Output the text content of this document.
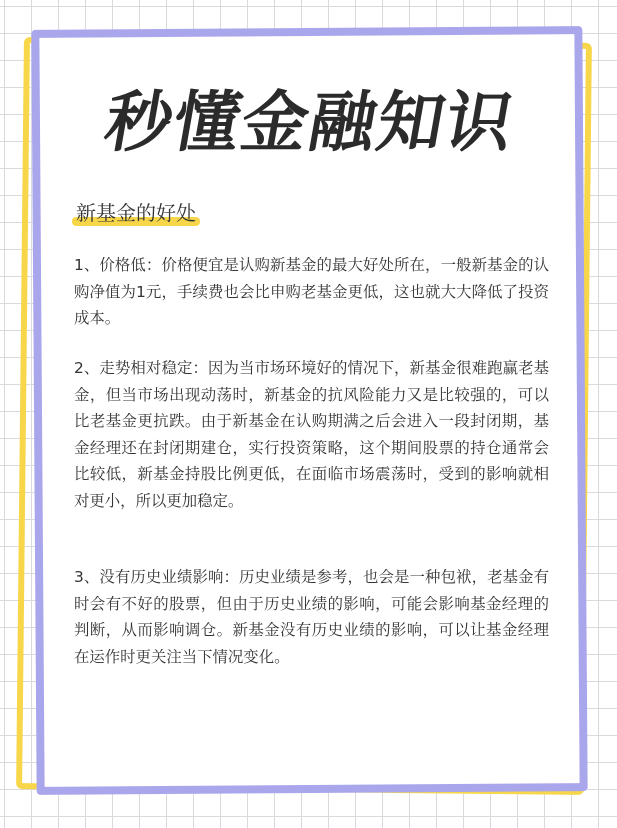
秒懂金融知识
新基金的好处

1、价格低：价格便宜是认购新基金的最大好处所在，一般新基金的认购净值为1元，手续费也会比申购老基金更低，这也就大大降低了投资成本。

2、走势相对稳定：因为当市场环境好的情况下，新基金很难跑赢老基金，但当市场出现动荡时，新基金的抗风险能力又是比较强的，可以比老基金更抗跌。由于新基金在认购期满之后会进入一段封闭期，基金经理还在封闭期建仓，实行投资策略，这个期间股票的持仓通常会比较低，新基金持股比例更低，在面临市场震荡时，受到的影响就相对更小，所以更加稳定。

3、没有历史业绩影响：历史业绩是参考，也会是一种包袱，老基金有时会有不好的股票，但由于历史业绩的影响，可能会影响基金经理的判断，从而影响调仓。新基金没有历史业绩的影响，可以让基金经理在运作时更关注当下情况变化。
